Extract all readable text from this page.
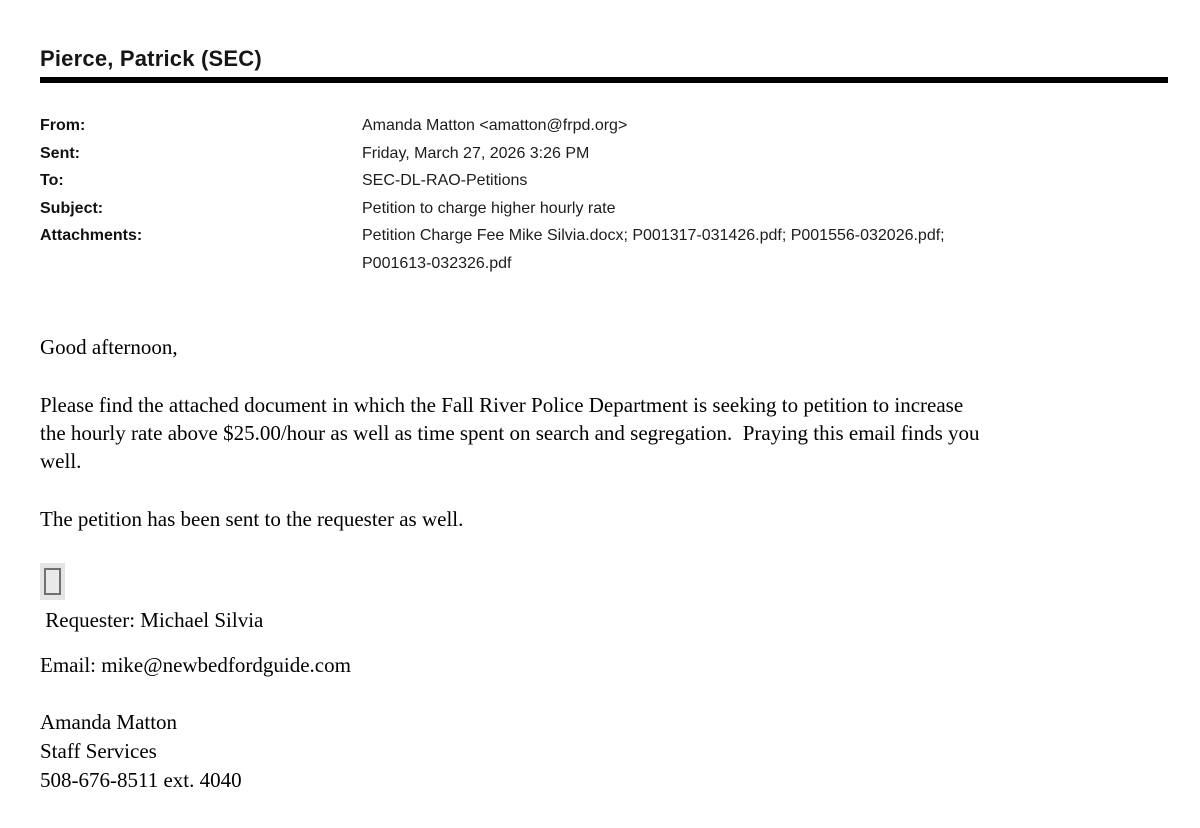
Pierce, Patrick (SEC)
From:	Amanda Matton <amatton@frpd.org>
Sent:	Friday, March 27, 2026 3:26 PM
To:	SEC-DL-RAO-Petitions
Subject:	Petition to charge higher hourly rate
Attachments:	Petition Charge Fee Mike Silvia.docx; P001317-031426.pdf; P001556-032026.pdf;
P001613-032326.pdf
Good afternoon,
Please find the attached document in which the Fall River Police Department is seeking to petition to increase
the hourly rate above $25.00/hour as well as time spent on search and segregation.  Praying this email finds you
well.
The petition has been sent to the requester as well.
Requester: Michael Silvia
Email: mike@newbedfordguide.com
Amanda Matton
Staff Services
508-676-8511 ext. 4040
